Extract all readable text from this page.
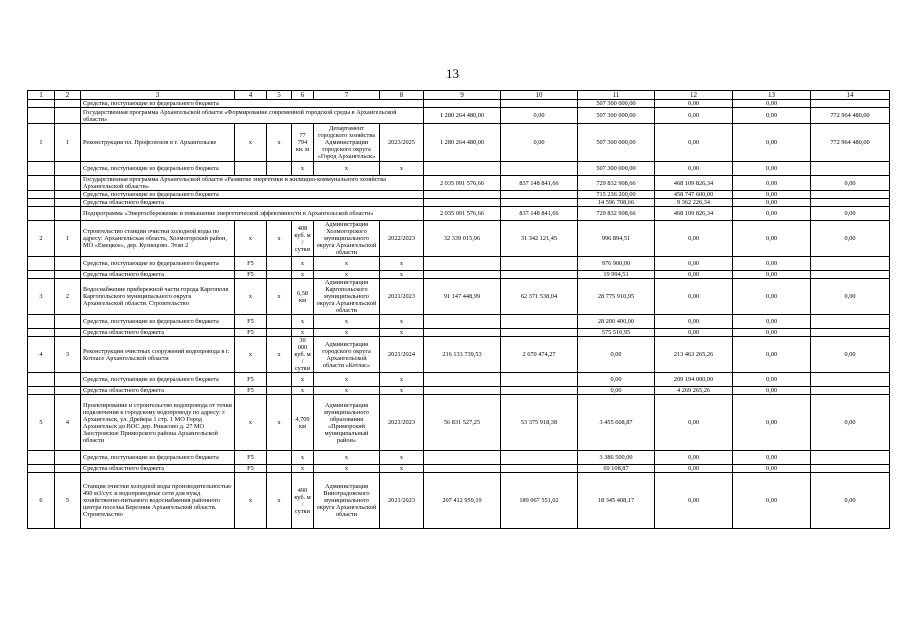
13
1	2	3	4	5	6	7	8	9	10	11	12	13	14
		Средства, поступающие из федерального бюджета								507 300 000,00	0,00	0,00	
		Государственная программа Архангельской области «Формирование современной городской среды в Архангельской области»						1 280 264 480,00	0,00	507 300 000,00	0,00	0,00	772 964 480,00
1	1	Реконструкция пл. Профсоюзов в г. Архангельске	х	х	77 794 кв. м	Департамент городского хозяйства Администрации городского округа «Город Архангельск»	2023/2025	1 280 264 480,00	0,00	507 300 000,00	0,00	0,00	772 964 480,00
		Средства, поступающие из федерального бюджета			х	х	х			507 300 000,00	0,00	0,00	
		Государственная программа Архангельской области «Развитие энергетики и жилищно-коммунального хозяйства Архангельской области»						2 035 091 576,66	837 148 841,66	729 832 908,66	468 109 826,34	0,00	0,00
		Средства, поступающие из федерального бюджета								715 236 200,00	458 747 600,00	0,00	
		Средства областного бюджета								14 596 708,66	9 362 226,34	0,00	
		Подпрограмма «Энергосбережение и повышение энергетической эффективности в Архангельской области»						2 035 091 576,66	837 148 841,66	729 832 908,66	468 109 826,34	0,00	0,00
2	1	Строительство станции очистки холодной воды по адресу: Архангельская область, Холмогорский район, МО «Емецкое», дер. Кузнецово. Этап 2	х	х	408 куб. м / сутки	Администрация Холмогорского муниципального округа Архангельской области	2022/2023	32 339 015,96	31 342 121,45	996 894,51	0,00	0,00	0,00
		Средства, поступающие из федерального бюджета	F5		х	х	х			976 900,00	0,00	0,00	
		Средства областного бюджета	F5		х	х	х			19 994,51	0,00	0,00	
3	2	Водоснабжение прибережной части города Каргополя Каргопольского муниципального округа Архангельской области. Строительство	х	х	6,58 км	Администрация Каргопольского муниципального округа Архангельской области	2021/2023	91 147 448,99	62 371 538,04	28 775 910,95	0,00	0,00	0,00
		Средства, поступающие из федерального бюджета	F5		х	х	х			28 200 400,00	0,00	0,00	
		Средства областного бюджета	F5		х	х	х			575 510,95	0,00	0,00	
4	3	Реконструкция очистных сооружений водопровода в г. Котласе Архангельской области	х	х	30 000 куб. м / сутки	Администрация городского округа Архангельской области «Котлас»	2021/2024	216 133 739,53	2 670 474,27	0,00	213 463 265,26	0,00	0,00
		Средства, поступающие из федерального бюджета	F5		х	х	х			0,00	209 194 000,00	0,00	
		Средства областного бюджета	F5		х	х	х			0,00	4 269 265,26	0,00	
5	4	Проектирование и строительство водопровода от точки подключения к городскому водопроводу по адресу: г. Архангельск, ул. Дрейера 1 стр. 1 МО Город Архангельск до ВОС дер. Рикасово д. 27 МО Заостровское Приморского района Архангельской области	х	х	4,709 км	Администрация муниципального образования «Приморский муниципальный район»	2021/2023	56 831 527,25	53 375 918,38	3 455 608,87	0,00	0,00	0,00
		Средства, поступающие из федерального бюджета	F5		х	х	х			3 386 500,00	0,00	0,00	
		Средства областного бюджета	F5		х	х	х			69 108,87	0,00	0,00	
6	5	Станция очистки холодной воды производительностью 490 м3/сут. и водопроводные сети для нужд хозяйственно-питьевого водоснабжения районного центра поселка Березник Архангельской области. Строительство	х	х	490 куб. м / сутки	Администрация Виноградовского муниципального округа Архангельской области	2021/2023	207 412 959,19	189 067 551,02	18 345 408,17	0,00	0,00	0,00
